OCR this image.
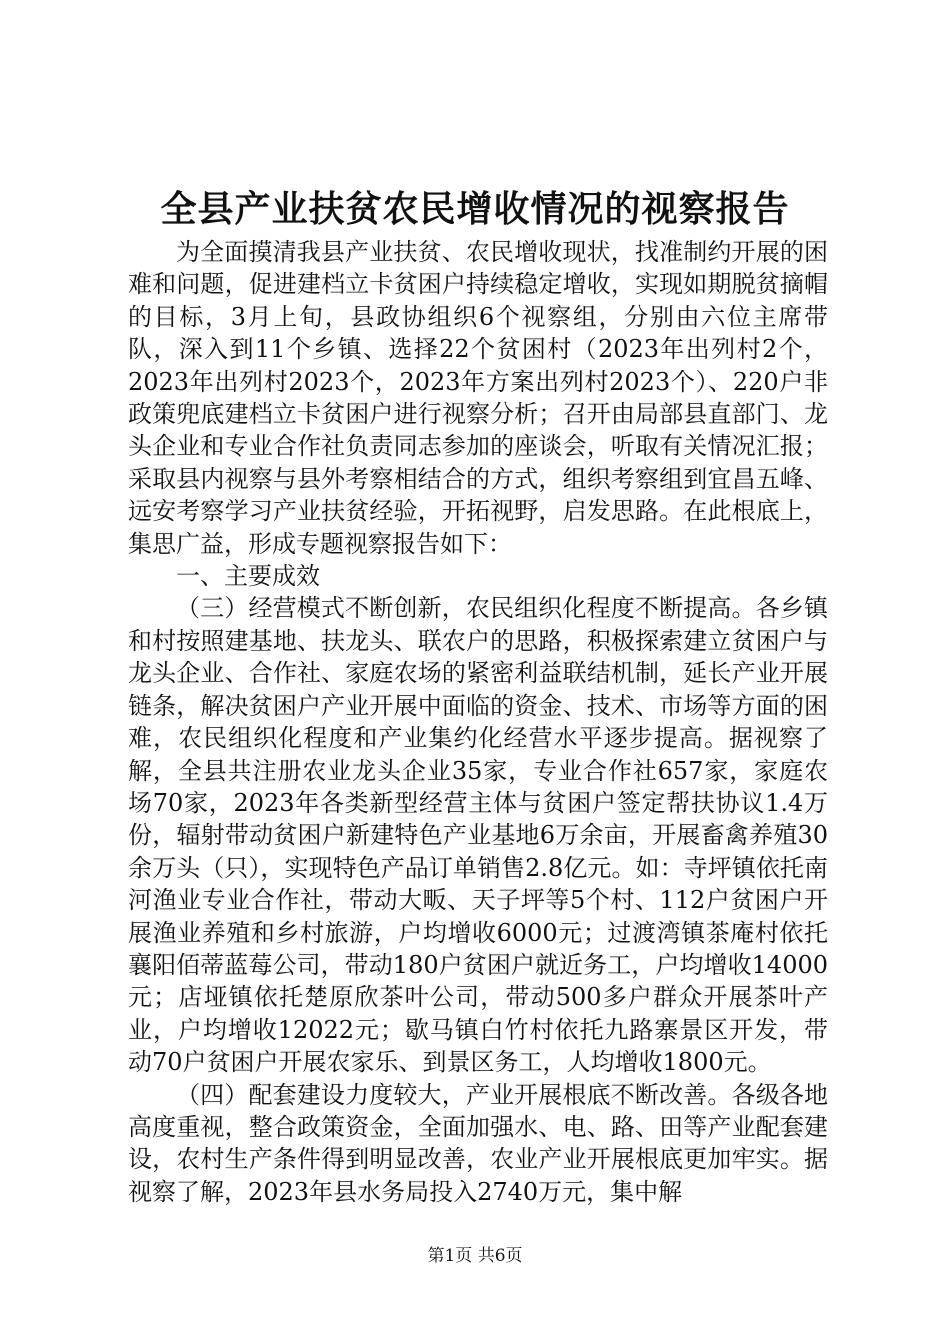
全县产业扶贫农民增收情况的视察报告

为全面摸清我县产业扶贫、农民增收现状，找准制约开展的困难和问题，促进建档立卡贫困户持续稳定增收，实现如期脱贫摘帽的目标，3月上旬，县政协组织6个视察组，分别由六位主席带队，深入到11个乡镇、选择22个贫困村（2023年出列村2个，2023年出列村2023个，2023年方案出列村2023个）、220户非政策兜底建档立卡贫困户进行视察分析；召开由局部县直部门、龙头企业和专业合作社负责同志参加的座谈会，听取有关情况汇报；采取县内视察与县外考察相结合的方式，组织考察组到宜昌五峰、远安考察学习产业扶贫经验，开拓视野，启发思路。在此根底上，集思广益，形成专题视察报告如下：

一、主要成效

（三）经营模式不断创新，农民组织化程度不断提高。各乡镇和村按照建基地、扶龙头、联农户的思路，积极探索建立贫困户与龙头企业、合作社、家庭农场的紧密利益联结机制，延长产业开展链条，解决贫困户产业开展中面临的资金、技术、市场等方面的困难，农民组织化程度和产业集约化经营水平逐步提高。据视察了解，全县共注册农业龙头企业35家，专业合作社657家，家庭农场70家，2023年各类新型经营主体与贫困户签定帮扶协议1.4万份，辐射带动贫困户新建特色产业基地6万余亩，开展畜禽养殖30余万头（只），实现特色产品订单销售2.8亿元。如：寺坪镇依托南河渔业专业合作社，带动大畈、天子坪等5个村、112户贫困户开展渔业养殖和乡村旅游，户均增收6000元；过渡湾镇茶庵村依托襄阳佰蒂蓝莓公司，带动180户贫困户就近务工，户均增收14000元；店垭镇依托楚原欣茶叶公司，带动500多户群众开展茶叶产业，户均增收12022元；歇马镇白竹村依托九路寨景区开发，带动70户贫困户开展农家乐、到景区务工，人均增收1800元。

（四）配套建设力度较大，产业开展根底不断改善。各级各地高度重视，整合政策资金，全面加强水、电、路、田等产业配套建设，农村生产条件得到明显改善，农业产业开展根底更加牢实。据视察了解，2023年县水务局投入2740万元，集中解

第1页 共6页
